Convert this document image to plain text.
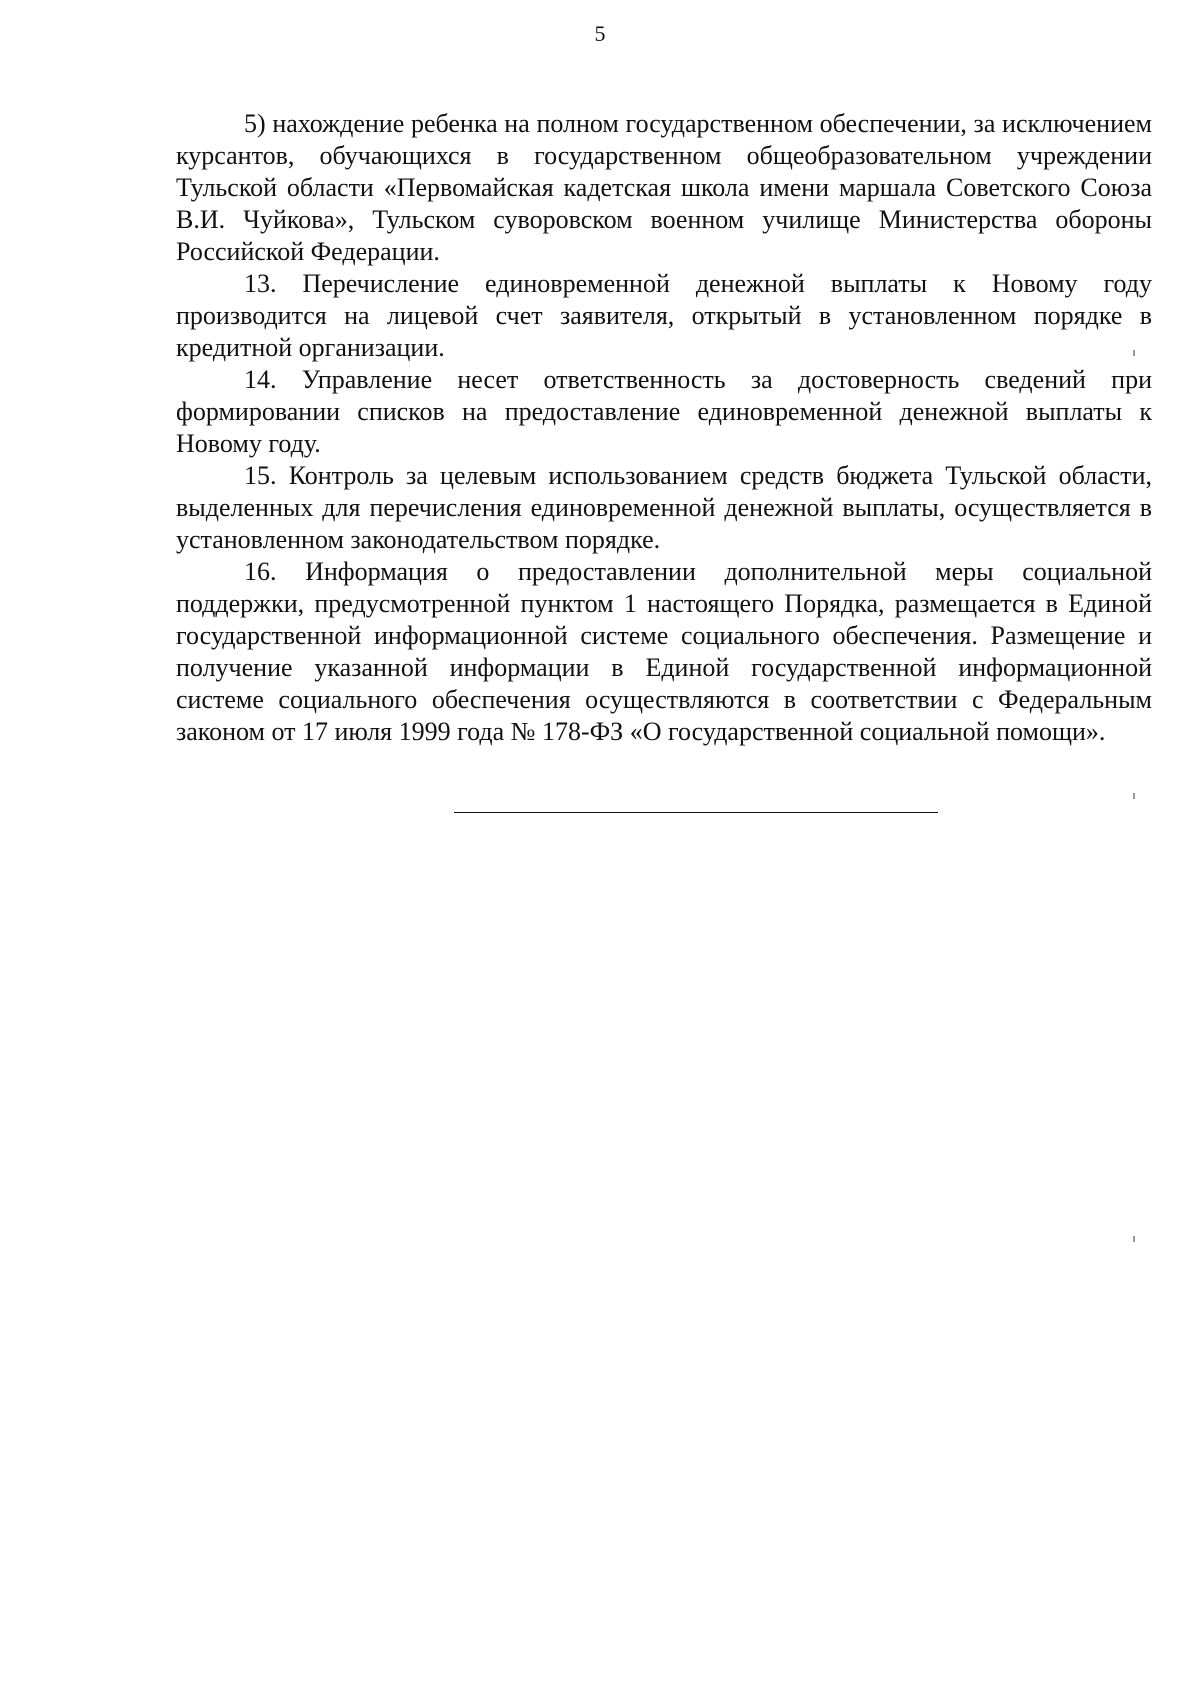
5

5) нахождение ребенка на полном государственном обеспечении, за исключением курсантов, обучающихся в государственном общеобразовательном учреждении Тульской области «Первомайская кадетская школа имени маршала Советского Союза В.И. Чуйкова», Тульском суворовском военном училище Министерства обороны Российской Федерации.

13. Перечисление единовременной денежной выплаты к Новому году производится на лицевой счет заявителя, открытый в установленном порядке в кредитной организации.

14. Управление несет ответственность за достоверность сведений при формировании списков на предоставление единовременной денежной выплаты к Новому году.

15. Контроль за целевым использованием средств бюджета Тульской области, выделенных для перечисления единовременной денежной выплаты, осуществляется в установленном законодательством порядке.

16. Информация о предоставлении дополнительной меры социальной поддержки, предусмотренной пунктом 1 настоящего Порядка, размещается в Единой государственной информационной системе социального обеспечения. Размещение и получение указанной информации в Единой государственной информационной системе социального обеспечения осуществляются в соответствии с Федеральным законом от 17 июля 1999 года № 178-ФЗ «О государственной социальной помощи».
